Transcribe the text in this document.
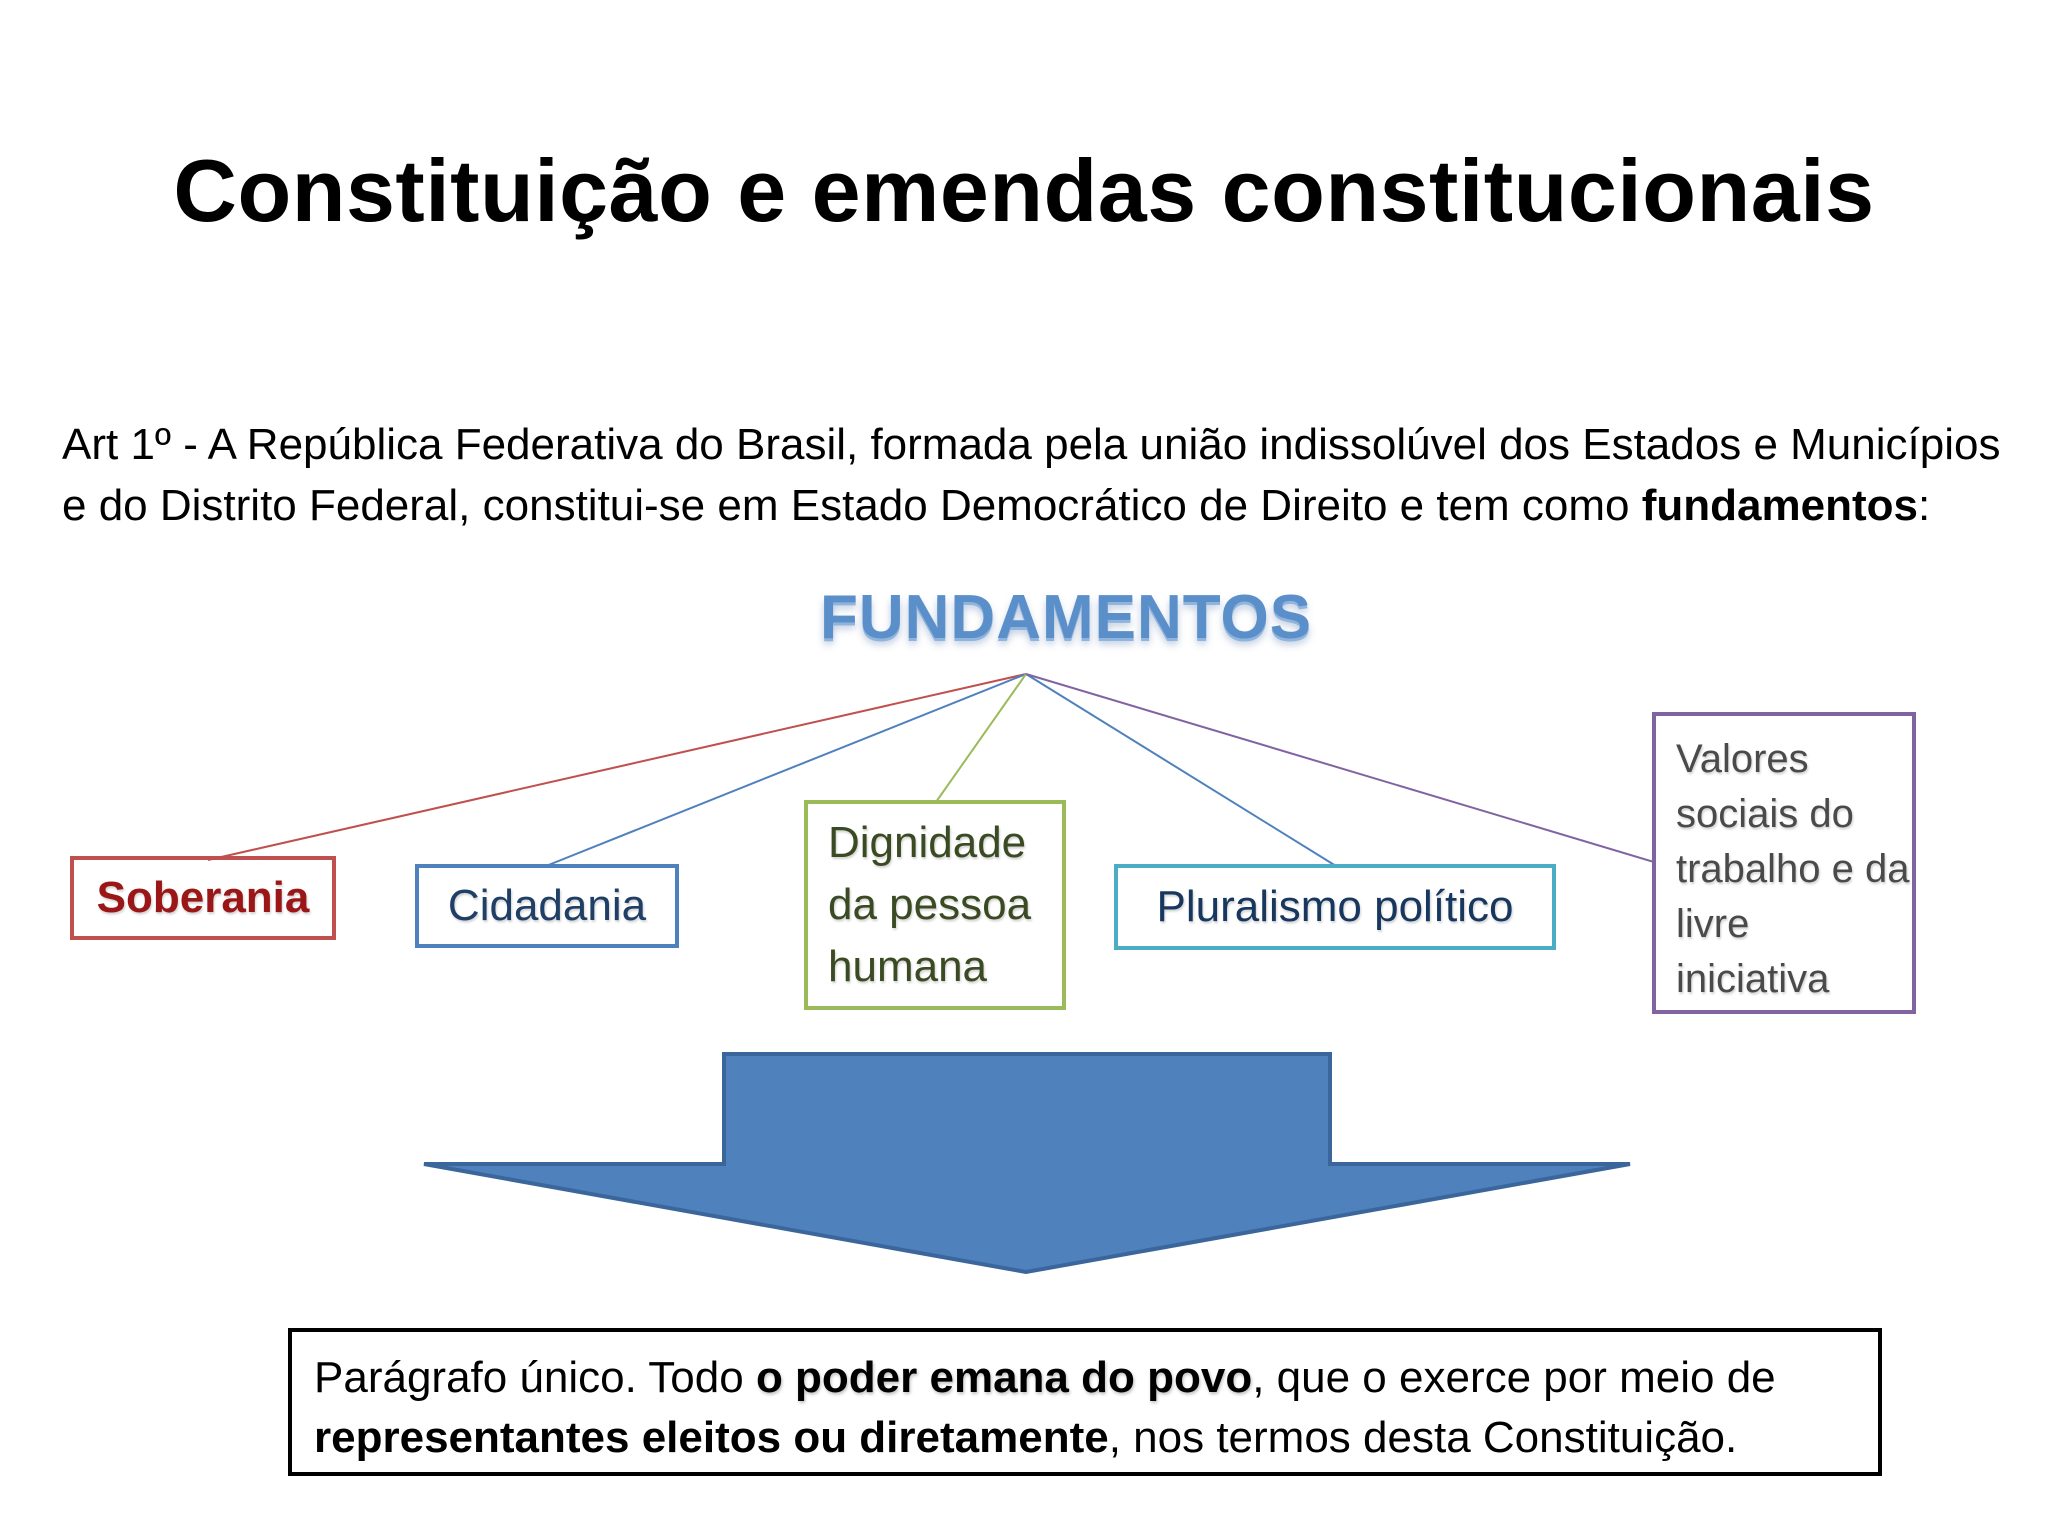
Constituição e emendas constitucionais
Art 1º - A República Federativa do Brasil, formada pela união indissolúvel dos Estados e Municípios e do Distrito Federal, constitui-se em Estado Democrático de Direito e tem como fundamentos:
FUNDAMENTOS
Soberania	Cidadania
Dignidade da pessoa humana
Pluralismo político
Valores sociais do trabalho e da livre iniciativa
Parágrafo único. Todo o poder emana do povo, que o exerce por meio de representantes eleitos ou diretamente, nos termos desta Constituição.
